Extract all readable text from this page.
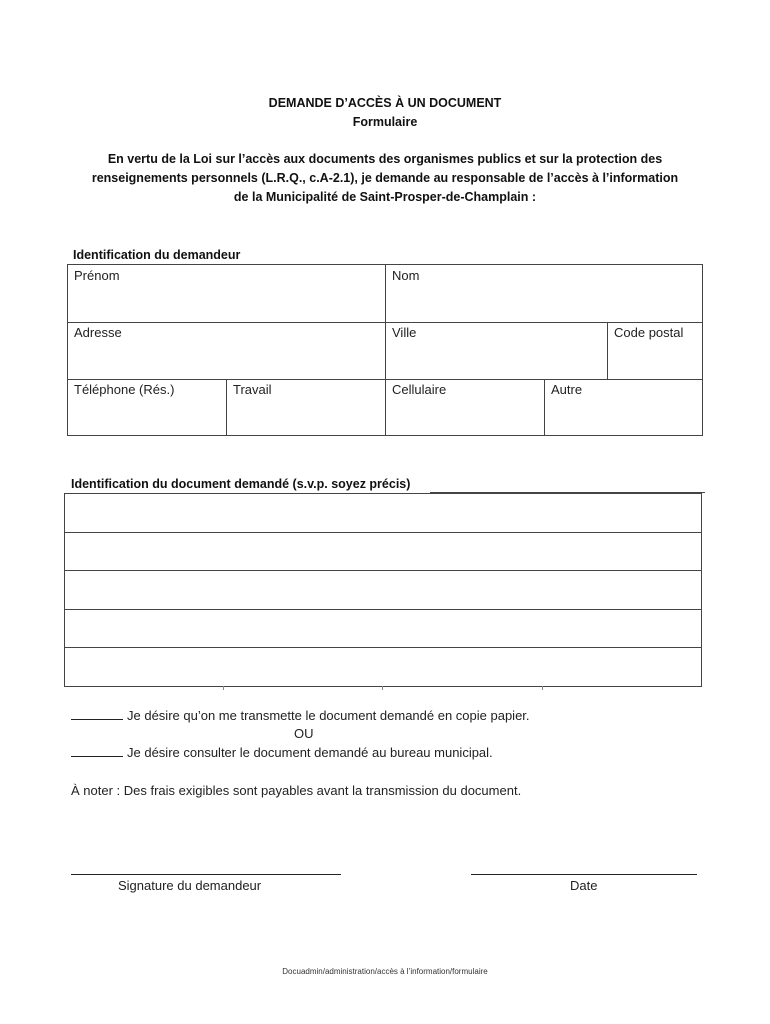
DEMANDE D’ACCÈS À UN DOCUMENT
Formulaire
En vertu de la Loi sur l’accès aux documents des organismes publics et sur la protection des
renseignements personnels (L.R.Q., c.A-2.1), je demande au responsable de l’accès à l’information
de la Municipalité de Saint-Prosper-de-Champlain :
Identification du demandeur
Prénom	Nom
Adresse	Ville	Code postal
Téléphone (Rés.)	Travail	Cellulaire	Autre
Identification du document demandé (s.v.p. soyez précis)
Je désire qu’on me transmette le document demandé en copie papier.
OU
Je désire consulter le document demandé au bureau municipal.
À noter : Des frais exigibles sont payables avant la transmission du document.
Signature du demandeur	Date
Docuadmin/administration/accès à l’information/formulaire
